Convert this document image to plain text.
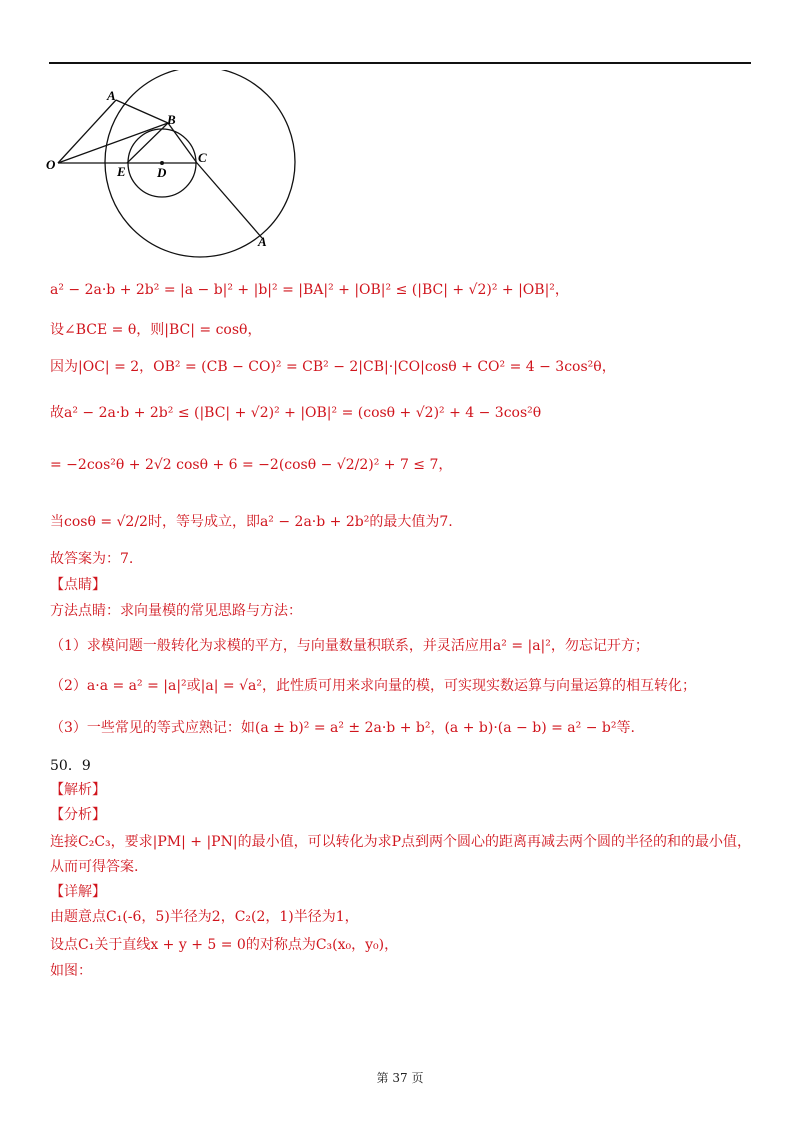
O
A
B
C
D
E
A
a² − 2a·b + 2b² = |a − b|² + |b|² = |BA|² + |OB|² ≤ (|BC| + √2)² + |OB|²，
设∠BCE = θ，则|BC| = cosθ，
因为|OC| = 2，OB² = (CB − CO)² = CB² − 2|CB|·|CO|cosθ + CO² = 4 − 3cos²θ，
故a² − 2a·b + 2b² ≤ (|BC| + √2)² + |OB|² = (cosθ + √2)² + 4 − 3cos²θ
= −2cos²θ + 2√2 cosθ + 6 = −2(cosθ − √2/2)² + 7 ≤ 7，
当cosθ = √2/2时，等号成立，即a² − 2a·b + 2b²的最大值为7.
故答案为：7.
【点睛】
方法点睛：求向量模的常见思路与方法：
（1）求模问题一般转化为求模的平方，与向量数量积联系，并灵活应用a² = |a|²，勿忘记开方；
（2）a·a = a² = |a|²或|a| = √a²，此性质可用来求向量的模，可实现实数运算与向量运算的相互转化；
（3）一些常见的等式应熟记：如(a ± b)² = a² ± 2a·b + b²，(a + b)·(a − b) = a² − b²等.
50．9
【解析】
【分析】
连接C₂C₃，要求|PM| + |PN|的最小值，可以转化为求P点到两个圆心的距离再减去两个圆的半径的和的最小值，
从而可得答案.
【详解】
由题意点C₁(-6，5)半径为2，C₂(2，1)半径为1，
设点C₁关于直线x + y + 5 = 0的对称点为C₃(x₀，y₀)，
如图：
第 37 页
